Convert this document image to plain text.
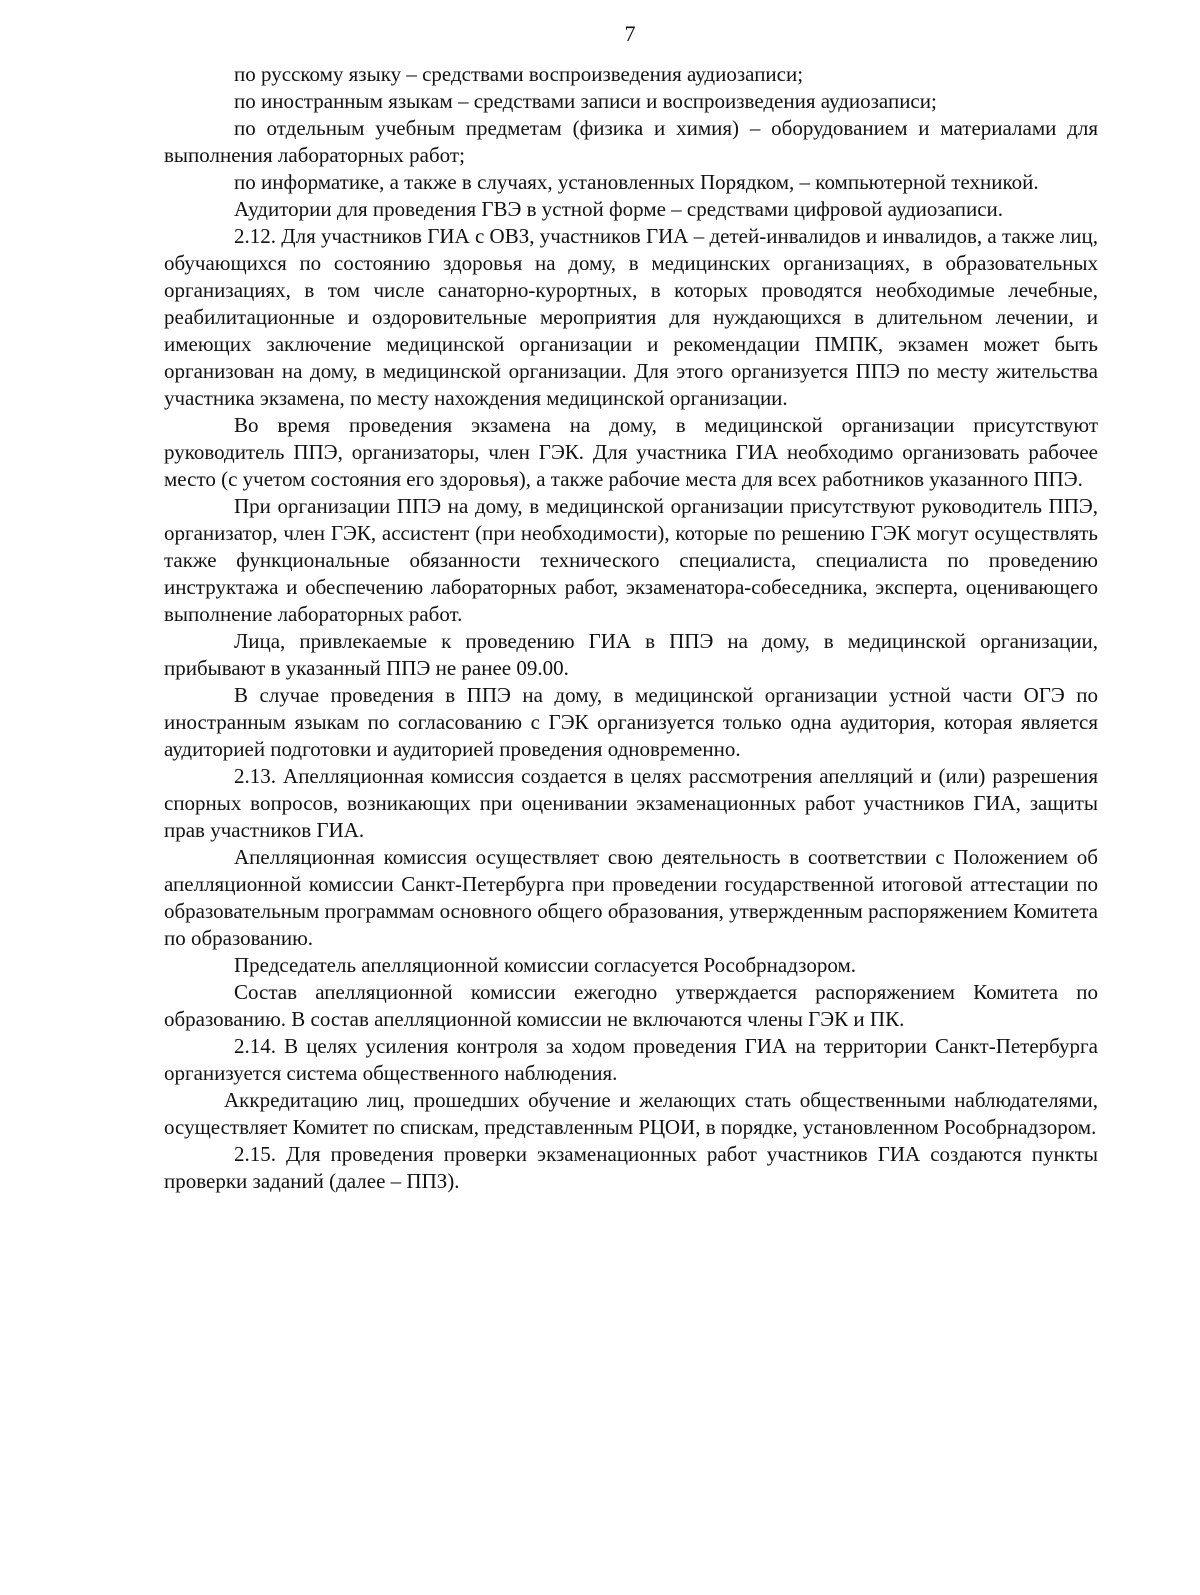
7

по русскому языку – средствами воспроизведения аудиозаписи;

по иностранным языкам – средствами записи и воспроизведения аудиозаписи;

по отдельным учебным предметам (физика и химия) – оборудованием и материалами для выполнения лабораторных работ;

по информатике, а также в случаях, установленных Порядком, – компьютерной техникой.

Аудитории для проведения ГВЭ в устной форме – средствами цифровой аудиозаписи.

2.12. Для участников ГИА с ОВЗ, участников ГИА – детей-инвалидов и инвалидов, а также лиц, обучающихся по состоянию здоровья на дому, в медицинских организациях, в образовательных организациях, в том числе санаторно-курортных, в которых проводятся необходимые лечебные, реабилитационные и оздоровительные мероприятия для нуждающихся в длительном лечении, и имеющих заключение медицинской организации и рекомендации ПМПК, экзамен может быть организован на дому, в медицинской организации. Для этого организуется ППЭ по месту жительства участника экзамена, по месту нахождения медицинской организации.

Во время проведения экзамена на дому, в медицинской организации присутствуют руководитель ППЭ, организаторы, член ГЭК. Для участника ГИА необходимо организовать рабочее место (с учетом состояния его здоровья), а также рабочие места для всех работников указанного ППЭ.

При организации ППЭ на дому, в медицинской организации присутствуют руководитель ППЭ, организатор, член ГЭК, ассистент (при необходимости), которые по решению ГЭК могут осуществлять также функциональные обязанности технического специалиста, специалиста по проведению инструктажа и обеспечению лабораторных работ, экзаменатора-собеседника, эксперта, оценивающего выполнение лабораторных работ.

Лица, привлекаемые к проведению ГИА в ППЭ на дому, в медицинской организации, прибывают в указанный ППЭ не ранее 09.00.

В случае проведения в ППЭ на дому, в медицинской организации устной части ОГЭ по иностранным языкам по согласованию с ГЭК организуется только одна аудитория, которая является аудиторией подготовки и аудиторией проведения одновременно.

2.13. Апелляционная комиссия создается в целях рассмотрения апелляций и (или) разрешения спорных вопросов, возникающих при оценивании экзаменационных работ участников ГИА, защиты прав участников ГИА.

Апелляционная комиссия осуществляет свою деятельность в соответствии с Положением об апелляционной комиссии Санкт-Петербурга при проведении государственной итоговой аттестации по образовательным программам основного общего образования, утвержденным распоряжением Комитета по образованию.

Председатель апелляционной комиссии согласуется Рособрнадзором.

Состав апелляционной комиссии ежегодно утверждается распоряжением Комитета по образованию. В состав апелляционной комиссии не включаются члены ГЭК и ПК.

2.14. В целях усиления контроля за ходом проведения ГИА на территории Санкт-Петербурга организуется система общественного наблюдения.

Аккредитацию лиц, прошедших обучение и желающих стать общественными наблюдателями, осуществляет Комитет по спискам, представленным РЦОИ, в порядке, установленном Рособрнадзором.

2.15. Для проведения проверки экзаменационных работ участников ГИА создаются пункты проверки заданий (далее – ППЗ).
